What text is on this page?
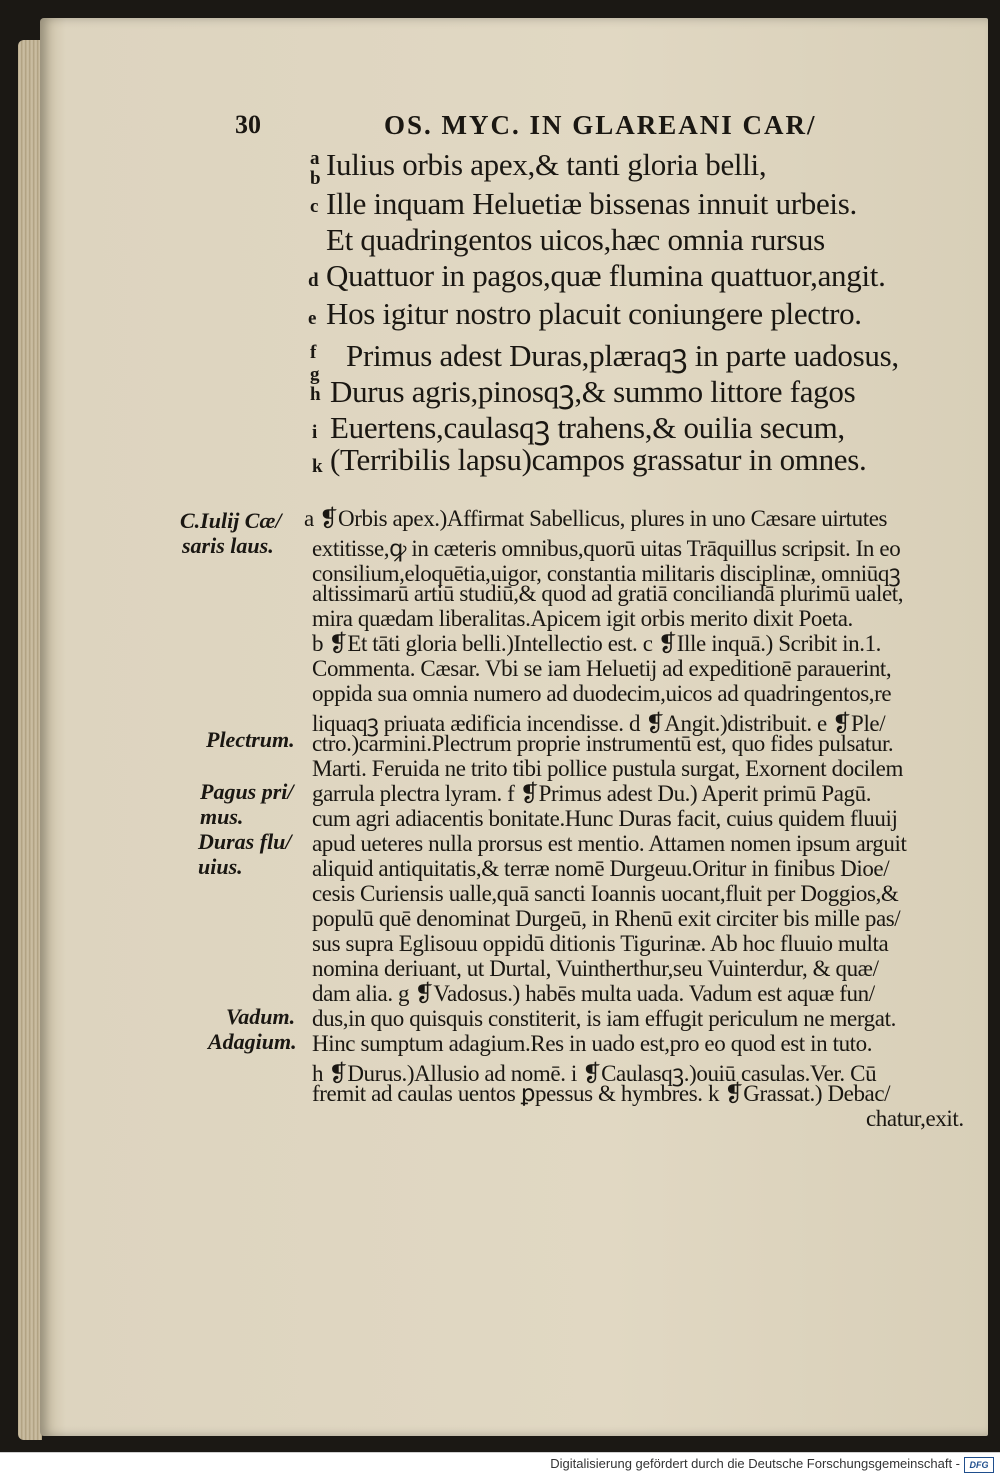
30	OS. MYC. IN GLAREANI CAR/
a
b Iulius orbis apex,& tanti gloria belli,
c Ille inquam Heluetiæ bissenas innuit urbeis.
Et quadringentos uicos,hæc omnia rursus
d Quattuor in pagos,quæ flumina quattuor,angit.
e Hos igitur nostro placuit coniungere plectro.
f Primus adest Duras,plæraqꝫ in parte uadosus,
g
h Durus agris,pinosqꝫ,& summo littore fagos
i Euertens,caulasqꝫ trahens,& ouilia secum,
k (Terribilis lapsu)campos grassatur in omnes.
a ❡Orbis apex.)Affirmat Sabellicus, plures in uno Cæsare uirtutes
extitisse,ꝙ in cæteris omnibus,quorū uitas Trāquillus scripsit. In eo
consilium,eloquētia,uigor, constantia militaris disciplinæ, omniūqꝫ
altissimarū artiū studiū,& quod ad gratiā conciliandā plurimū ualet,
mira quædam liberalitas.Apicem igit orbis merito dixit Poeta.
b ❡Et tāti gloria belli.)Intellectio est. c ❡Ille inquā.) Scribit in.1.
Commenta. Cæsar. Vbi se iam Heluetij ad expeditionē parauerint,
oppida sua omnia numero ad duodecim,uicos ad quadringentos,re
liquaqꝫ priuata ædificia incendisse. d ❡Angit.)distribuit. e ❡Ple/
ctro.)carmini.Plectrum proprie instrumentū est, quo fides pulsatur.
Marti. Feruida ne trito tibi pollice pustula surgat, Exornent docilem
garrula plectra lyram. f ❡Primus adest Du.) Aperit primū Pagū.
cum agri adiacentis bonitate.Hunc Duras facit, cuius quidem fluuij
apud ueteres nulla prorsus est mentio. Attamen nomen ipsum arguit
aliquid antiquitatis,& terræ nomē Durgeuu.Oritur in finibus Dioe/
cesis Curiensis ualle,quā sancti Ioannis uocant,fluit per Doggios,&
populū quē denominat Durgeū, in Rhenū exit circiter bis mille pas/
sus supra Eglisouu oppidū ditionis Tigurinæ. Ab hoc fluuio multa
nomina deriuant, ut Durtal, Vuintherthur,seu Vuinterdur, & quæ/
dam alia. g ❡Vadosus.) habēs multa uada. Vadum est aquæ fun/
dus,in quo quisquis constiterit, is iam effugit periculum ne mergat.
Hinc sumptum adagium.Res in uado est,pro eo quod est in tuto.
h ❡Durus.)Allusio ad nomē. i ❡Caulasqꝫ.)ouiū casulas.Ver. Cū
fremit ad caulas uentos ꝑpessus & hymbres. k ❡Grassat.) Debac/
chatur,exit.
C.Iulij Cæ/
saris laus.
Plectrum.
Pagus pri/
mus.
Duras flu/
uius.
Vadum.
Adagium.
Digitalisierung gefördert durch die Deutsche Forschungsgemeinschaft -	DFG
